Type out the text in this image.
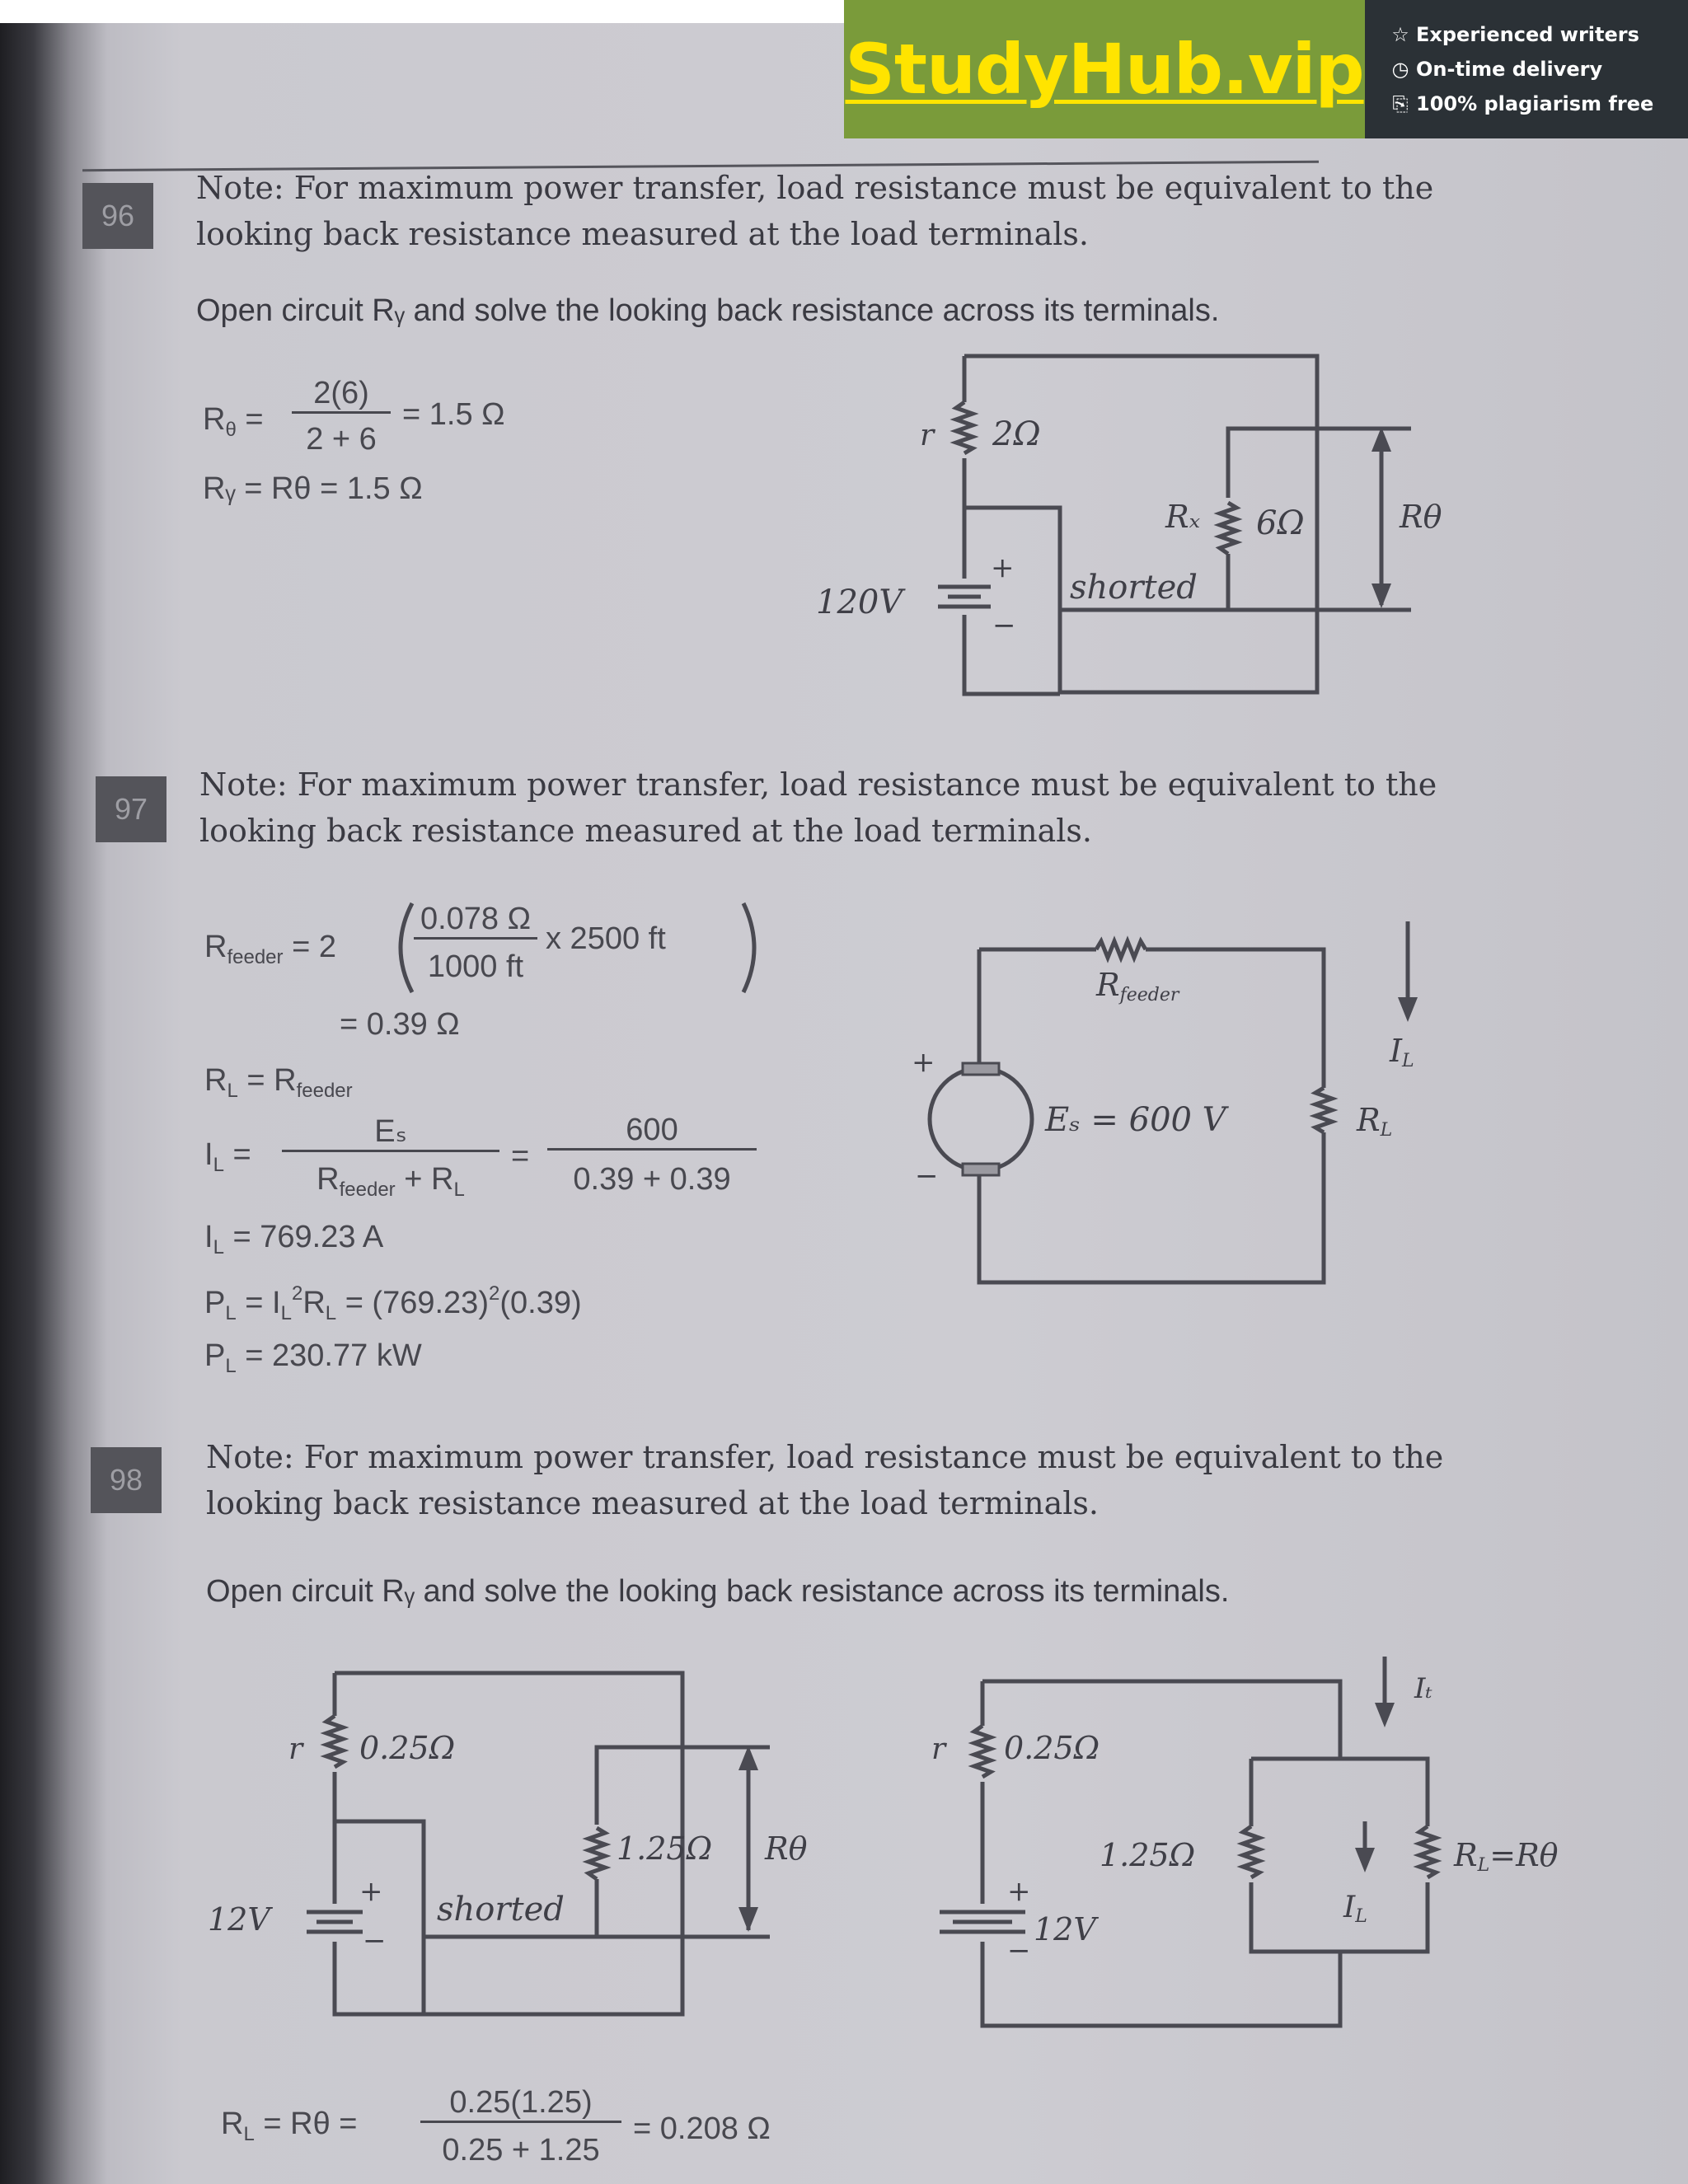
StudyHub.vip ☆ Experienced writers
◷ On-time delivery
⎘ 100% plagiarism free
96
Note: For maximum power transfer, load resistance must be equivalent to the
looking back resistance measured at the load terminals.
Open circuit Rᵧ and solve the looking back resistance across its terminals.
$R_\theta$ =
2(6)
2 + 6
= 1.5 Ω
Rᵧ = Rθ = 1.5 Ω
r 2Ω
120V
+
−
shorted
Rₓ 6Ω	Rθ
97
Note: For maximum power transfer, load resistance must be equivalent to the
looking back resistance measured at the load terminals.
$R_{feeder} = 2$
0.078 Ω
1000 ft
x 2500 ft
= 0.39 Ω
$R_L = R_{feeder}$
$I_L$ =
Eₛ
$R_{feeder} + R_L$
=
600
0.39 + 0.39
$I_L = 769.23$ A
$P_L = I_L^2R_L = (769.23)^2(0.39)$
$P_L = 230.77$ kW
Rfeeder
Eₛ = 600 V	RL
IL
+
−
98
Note: For maximum power transfer, load resistance must be equivalent to the
looking back resistance measured at the load terminals.
Open circuit Rᵧ and solve the looking back resistance across its terminals.
r 0.25Ω
12V
+
−
shorted
1.25Ω Rθ
r 0.25Ω
12V
+
−
1.25Ω	RL=Rθ
IL
Iₜ
$R_L = R\theta$ =
0.25(1.25)
0.25 + 1.25
= 0.208 Ω
